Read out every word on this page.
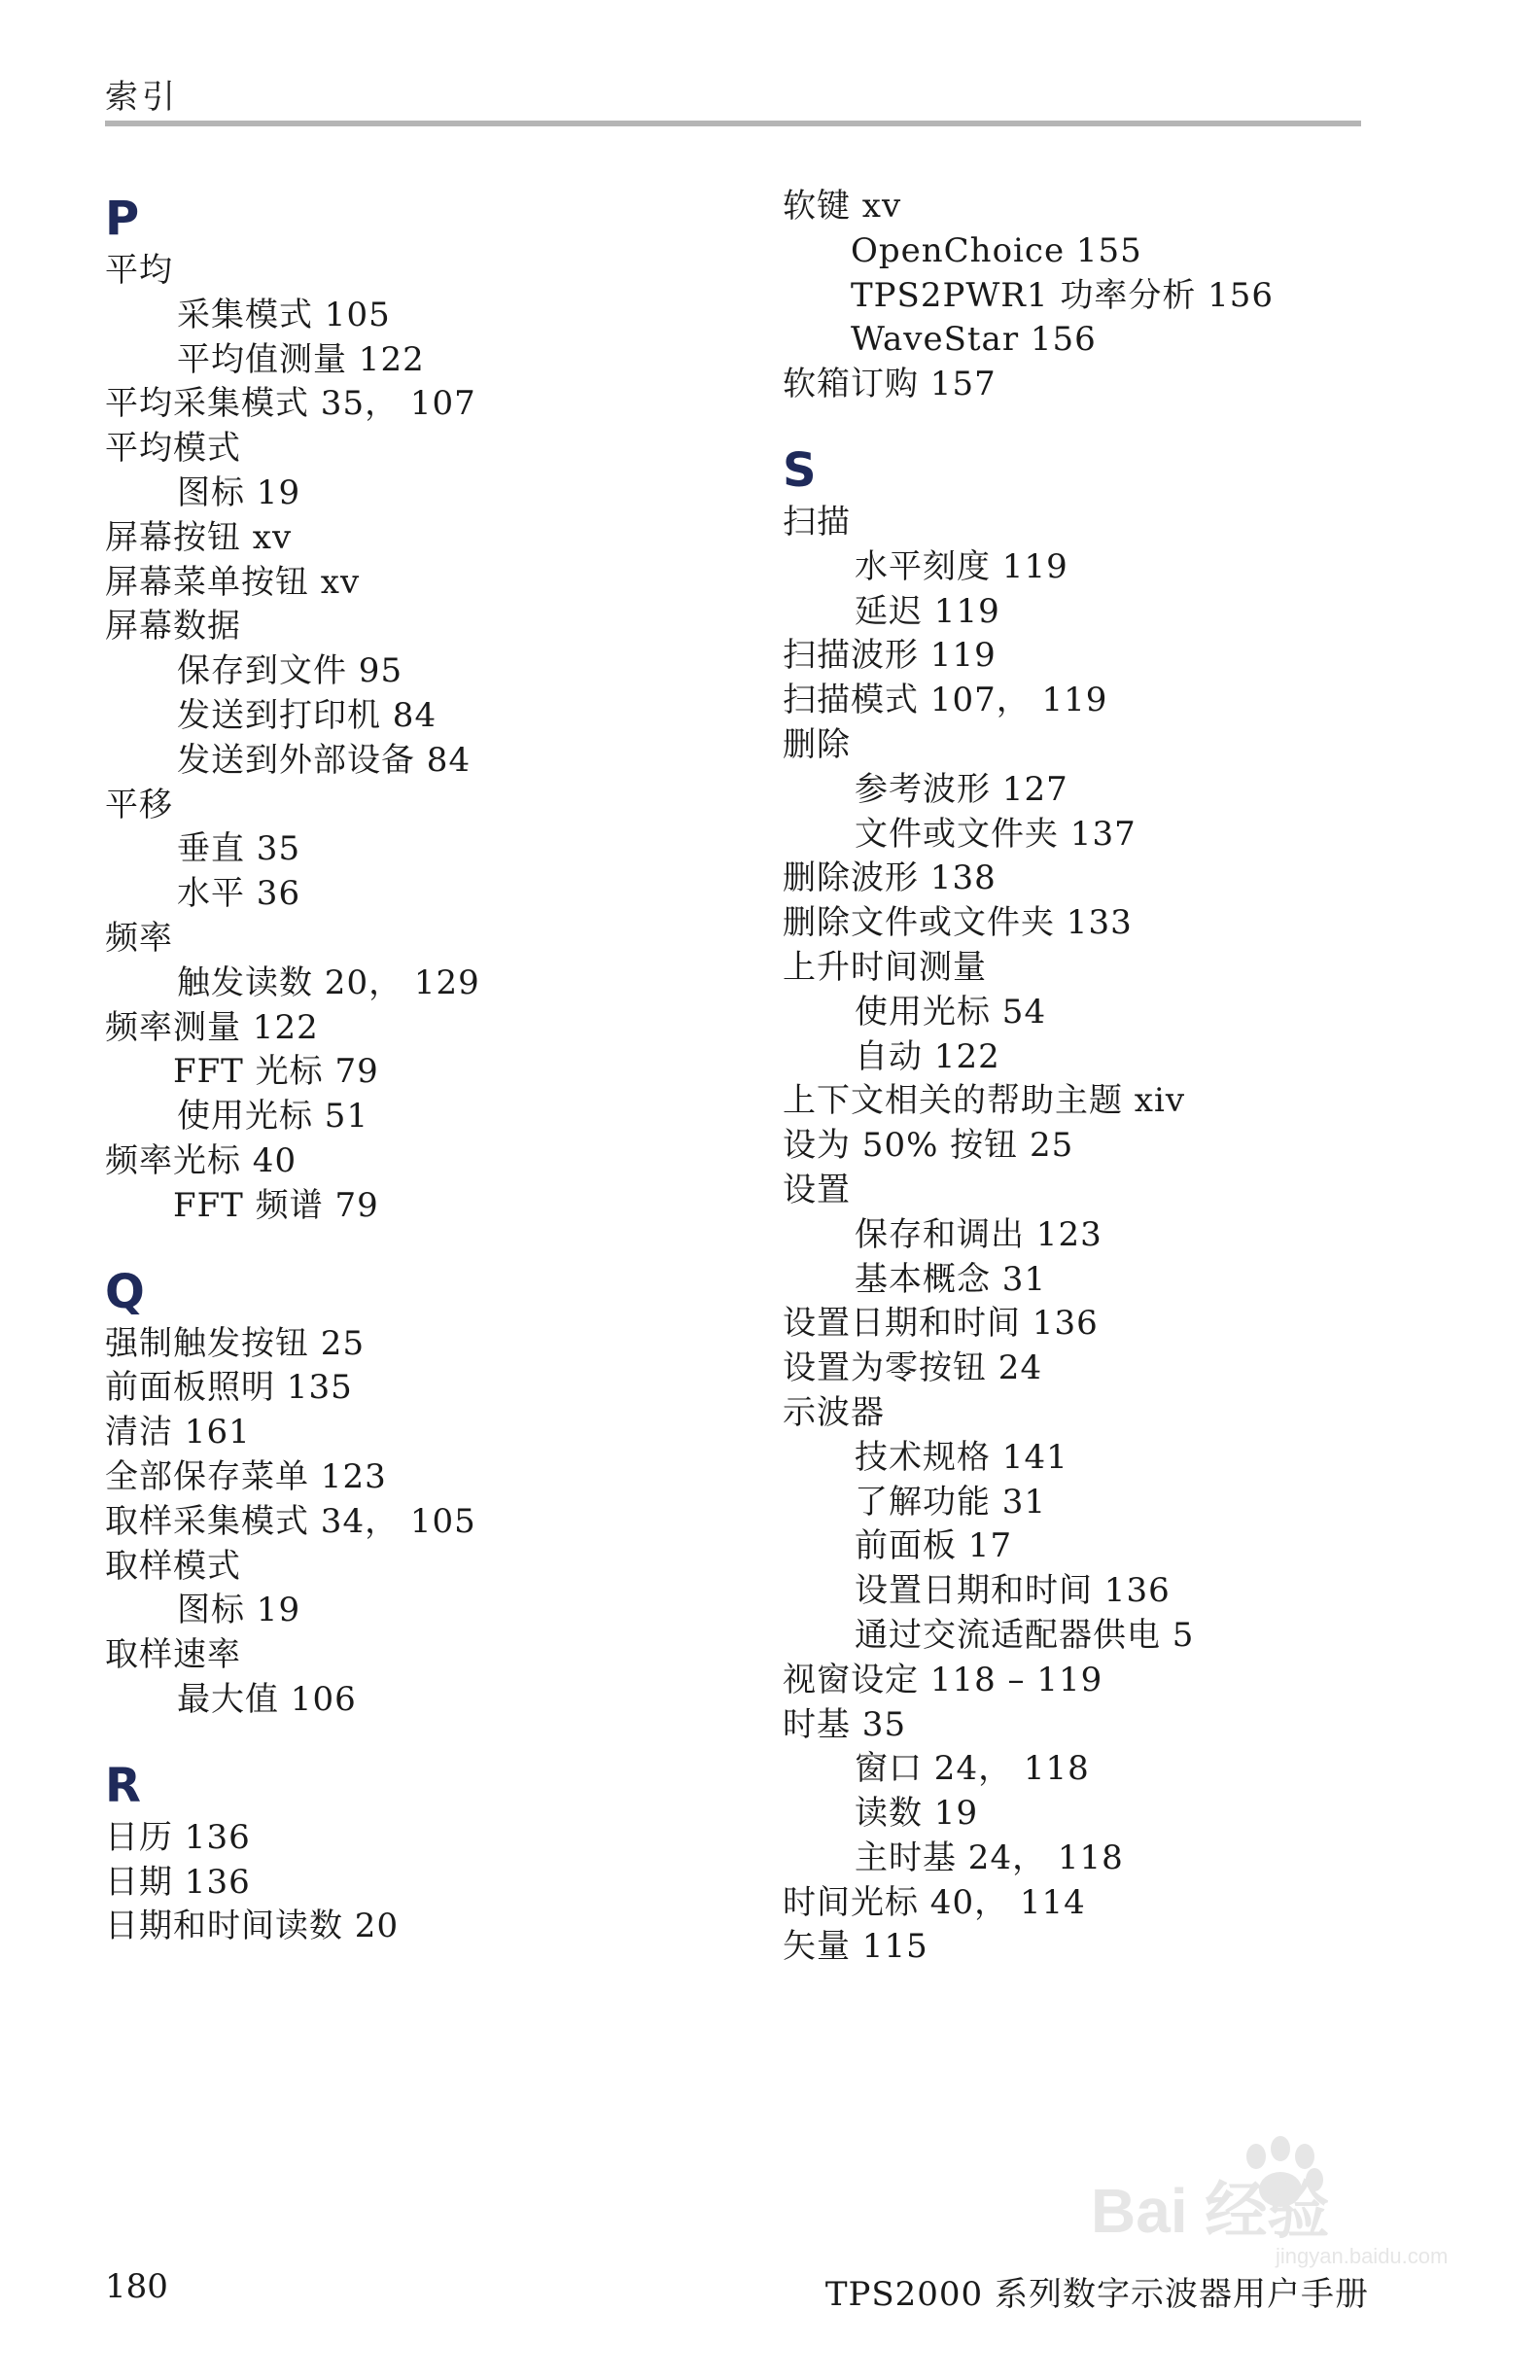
索引
P
平均
采集模式 105
平均值测量 122
平均采集模式 35， 107
平均模式
图标 19
屏幕按钮 xv
屏幕菜单按钮 xv
屏幕数据
保存到文件 95
发送到打印机 84
发送到外部设备 84
平移
垂直 35
水平 36
频率
触发读数 20， 129
频率测量 122
FFT 光标 79
使用光标 51
频率光标 40
FFT 频谱 79
Q
强制触发按钮 25
前面板照明 135
清洁 161
全部保存菜单 123
取样采集模式 34， 105
取样模式
图标 19
取样速率
最大值 106
R
日历 136
日期 136
日期和时间读数 20
软键 xv
OpenChoice 155
TPS2PWR1 功率分析 156
WaveStar 156
软箱订购 157
S
扫描
水平刻度 119
延迟 119
扫描波形 119
扫描模式 107， 119
删除
参考波形 127
文件或文件夹 137
删除波形 138
删除文件或文件夹 133
上升时间测量
使用光标 54
自动 122
上下文相关的帮助主题 xiv
设为 50% 按钮 25
设置
保存和调出 123
基本概念 31
设置日期和时间 136
设置为零按钮 24
示波器
技术规格 141
了解功能 31
前面板 17
设置日期和时间 136
通过交流适配器供电 5
视窗设定 118 – 119
时基 35
窗口 24， 118
读数 19
主时基 24， 118
时间光标 40， 114
矢量 115
180	TPS2000 系列数字示波器用户手册
Bai 经验
jingyan.baidu.com
